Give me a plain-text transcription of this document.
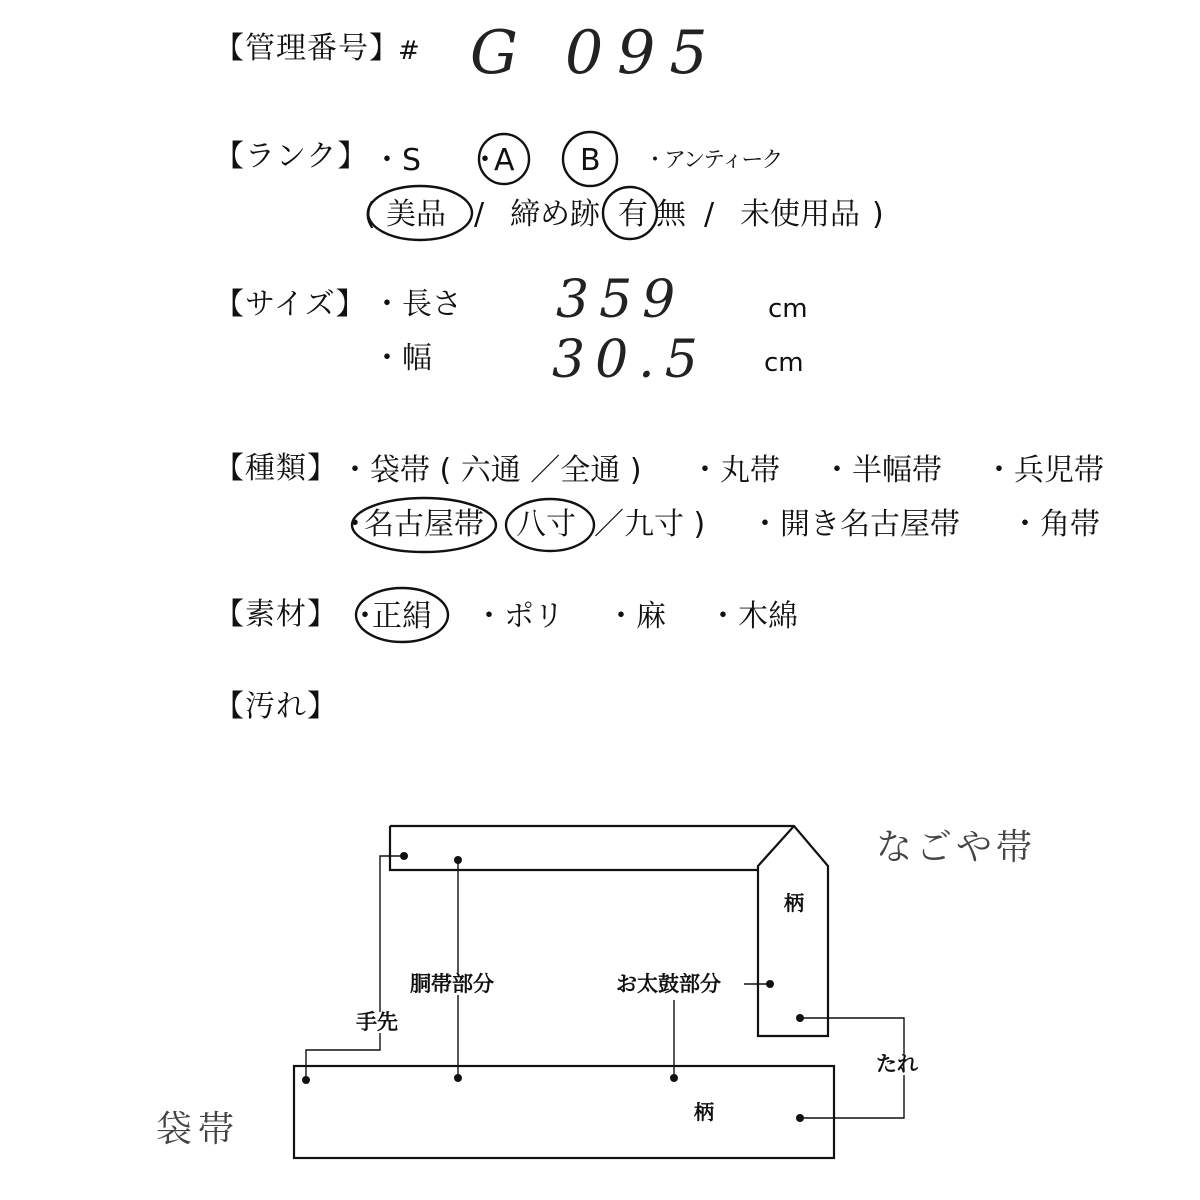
【管理番号】
# G 095
【ランク】 ・S ・
A B ・アンティーク
( 美品 / 締め跡 有 無 / 未使用品 )
【サイズ】 ・長さ 359	cm
・幅 30.5 cm
【種類】 ・袋帯 ( 六通 ／全通 ) ・丸帯 ・半幅帯 ・兵児帯
・
名古屋帯 八寸 ／九寸 ) ・開き名古屋帯 ・角帯
【素材】 ・
正絹 ・ポリ ・麻 ・木綿
【汚れ】
なごや帯
袋帯
柄
柄
胴帯部分	お太鼓部分
手先
たれ
